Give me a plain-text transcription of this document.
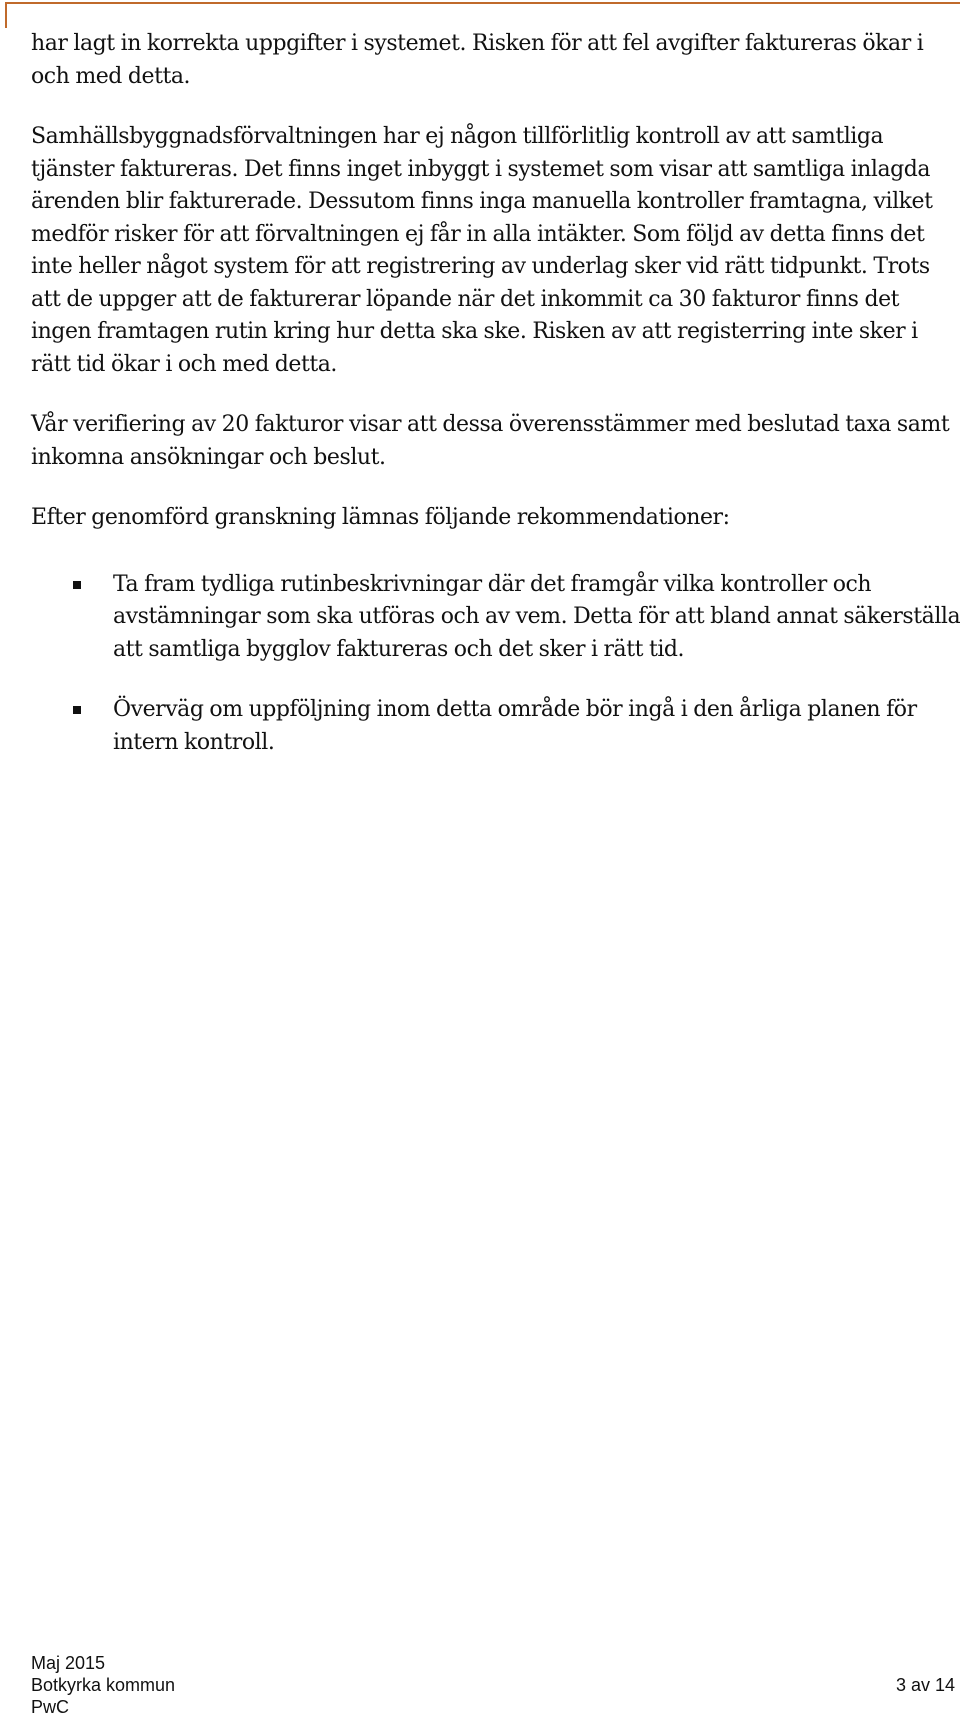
har lagt in korrekta uppgifter i systemet. Risken för att fel avgifter faktureras ökar i och med detta.

Samhällsbyggnadsförvaltningen har ej någon tillförlitlig kontroll av att samtliga tjänster faktureras. Det finns inget inbyggt i systemet som visar att samtliga inlagda ärenden blir fakturerade. Dessutom finns inga manuella kontroller framtagna, vilket medför risker för att förvaltningen ej får in alla intäkter. Som följd av detta finns det inte heller något system för att registrering av underlag sker vid rätt tidpunkt. Trots att de uppger att de fakturerar löpande när det inkommit ca 30 fakturor finns det ingen framtagen rutin kring hur detta ska ske. Risken av att registerring inte sker i rätt tid ökar i och med detta.

Vår verifiering av 20 fakturor visar att dessa överensstämmer med beslutad taxa samt inkomna ansökningar och beslut.

Efter genomförd granskning lämnas följande rekommendationer:

Ta fram tydliga rutinbeskrivningar där det framgår vilka kontroller och avstämningar som ska utföras och av vem. Detta för att bland annat säkerställa att samtliga bygglov faktureras och det sker i rätt tid.
Överväg om uppföljning inom detta område bör ingå i den årliga planen för intern kontroll.
Maj 2015
Botkyrka kommun
PwC
3 av 14
